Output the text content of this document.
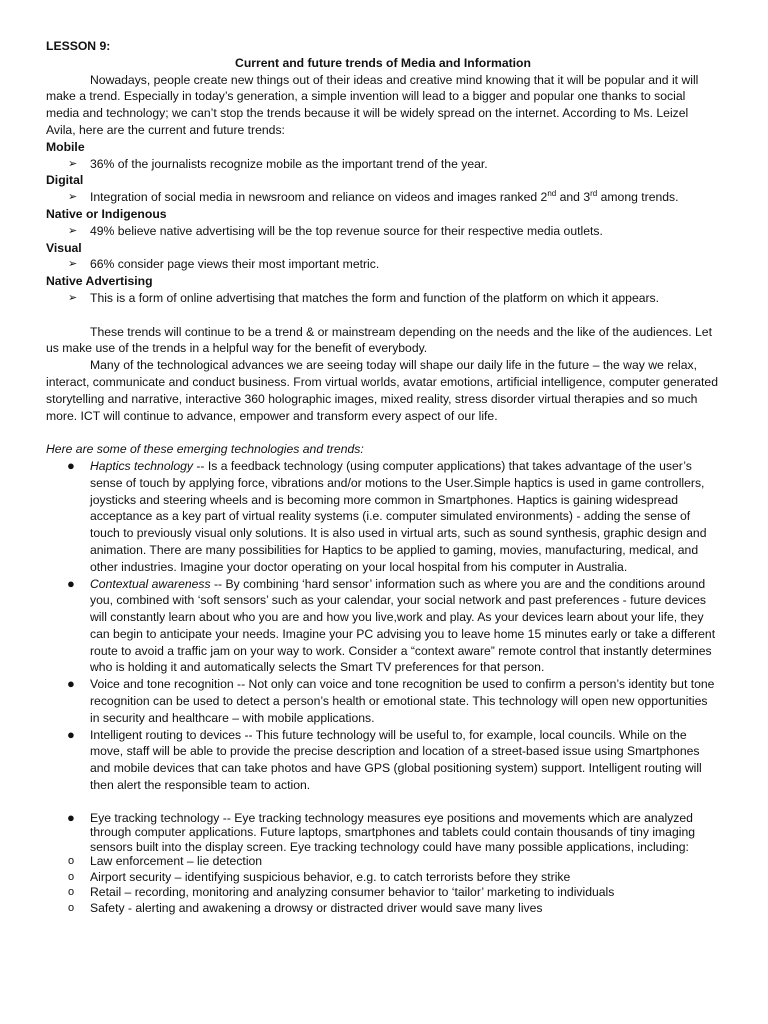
LESSON 9:

Current and future trends of Media and Information

Nowadays, people create new things out of their ideas and creative mind knowing that it will be popular and it will make a trend. Especially in today’s generation, a simple invention will lead to a bigger and popular one thanks to social media and technology; we can’t stop the trends because it will be widely spread on the internet. According to Ms. Leizel Avila, here are the current and future trends:

Mobile

➢ 36% of the journalists recognize mobile as the important trend of the year.

Digital

➢ Integration of social media in newsroom and reliance on videos and images ranked 2nd and 3rd among trends.

Native or Indigenous

➢ 49% believe native advertising will be the top revenue source for their respective media outlets.

Visual

➢ 66% consider page views their most important metric.

Native Advertising

➢ This is a form of online advertising that matches the form and function of the platform on which it appears.

These trends will continue to be a trend & or mainstream depending on the needs and the like of the audiences. Let us make use of the trends in a helpful way for the benefit of everybody.

Many of the technological advances we are seeing today will shape our daily life in the future – the way we relax, interact, communicate and conduct business. From virtual worlds, avatar emotions, artificial intelligence, computer generated storytelling and narrative, interactive 360 holographic images, mixed reality, stress disorder virtual therapies and so much more. ICT will continue to advance, empower and transform every aspect of our life.

Here are some of these emerging technologies and trends:

● Haptics technology -- Is a feedback technology (using computer applications) that takes advantage of the user’s sense of touch by applying force, vibrations and/or motions to the User.Simple haptics is used in game controllers, joysticks and steering wheels and is becoming more common in Smartphones. Haptics is gaining widespread acceptance as a key part of virtual reality systems (i.e. computer simulated environments) - adding the sense of touch to previously visual only solutions. It is also used in virtual arts, such as sound synthesis, graphic design and animation. There are many possibilities for Haptics to be applied to gaming, movies, manufacturing, medical, and other industries. Imagine your doctor operating on your local hospital from his computer in Australia.
● Contextual awareness -- By combining ‘hard sensor’ information such as where you are and the conditions around you, combined with ‘soft sensors’ such as your calendar, your social network and past preferences - future devices will constantly learn about who you are and how you live,work and play. As your devices learn about your life, they can begin to anticipate your needs. Imagine your PC advising you to leave home 15 minutes early or take a different route to avoid a traffic jam on your way to work. Consider a “context aware” remote control that instantly determines who is holding it and automatically selects the Smart TV preferences for that person.
● Voice and tone recognition -- Not only can voice and tone recognition be used to confirm a person’s identity but tone recognition can be used to detect a person’s health or emotional state. This technology will open new opportunities in security and healthcare – with mobile applications.
● Intelligent routing to devices -- This future technology will be useful to, for example, local councils. While on the move, staff will be able to provide the precise description and location of a street-based issue using Smartphones and mobile devices that can take photos and have GPS (global positioning system) support. Intelligent routing will then alert the responsible team to action.
● Eye tracking technology -- Eye tracking technology measures eye positions and movements which are analyzed through computer applications. Future laptops, smartphones and tablets could contain thousands of tiny imaging sensors built into the display screen. Eye tracking technology could have many possible applications, including:
o Law enforcement – lie detection
o Airport security – identifying suspicious behavior, e.g. to catch terrorists before they strike
o Retail – recording, monitoring and analyzing consumer behavior to ‘tailor’ marketing to individuals
o Safety - alerting and awakening a drowsy or distracted driver would save many lives
